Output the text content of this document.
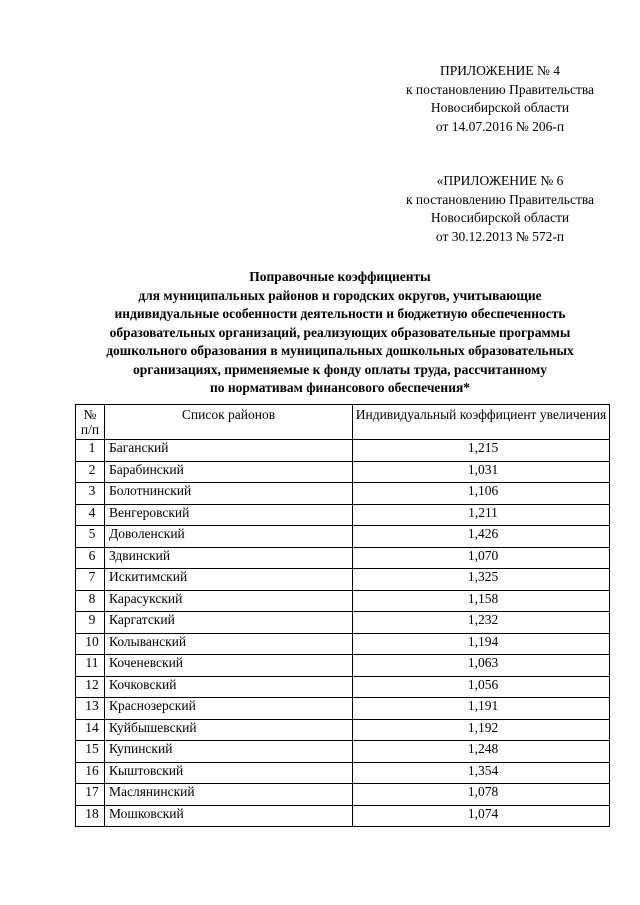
ПРИЛОЖЕНИЕ № 4
к постановлению Правительства
Новосибирской области
от 14.07.2016 № 206-п
«ПРИЛОЖЕНИЕ № 6
к постановлению Правительства
Новосибирской области
от 30.12.2013 № 572-п
Поправочные коэффициенты
для муниципальных районов и городских округов, учитывающие
индивидуальные особенности деятельности и бюджетную обеспеченность
образовательных организаций, реализующих образовательные программы
дошкольного образования в муниципальных дошкольных образовательных
организациях, применяемые к фонду оплаты труда, рассчитанному
по нормативам финансового обеспечения*
№ п/п	Список районов	Индивидуальный коэффициент увеличения
1	Баганский	1,215
2	Барабинский	1,031
3	Болотнинский	1,106
4	Венгеровский	1,211
5	Доволенский	1,426
6	Здвинский	1,070
7	Искитимский	1,325
8	Карасукский	1,158
9	Каргатский	1,232
10	Колыванский	1,194
11	Коченевский	1,063
12	Кочковский	1,056
13	Краснозерский	1,191
14	Куйбышевский	1,192
15	Купинский	1,248
16	Кыштовский	1,354
17	Маслянинский	1,078
18	Мошковский	1,074
